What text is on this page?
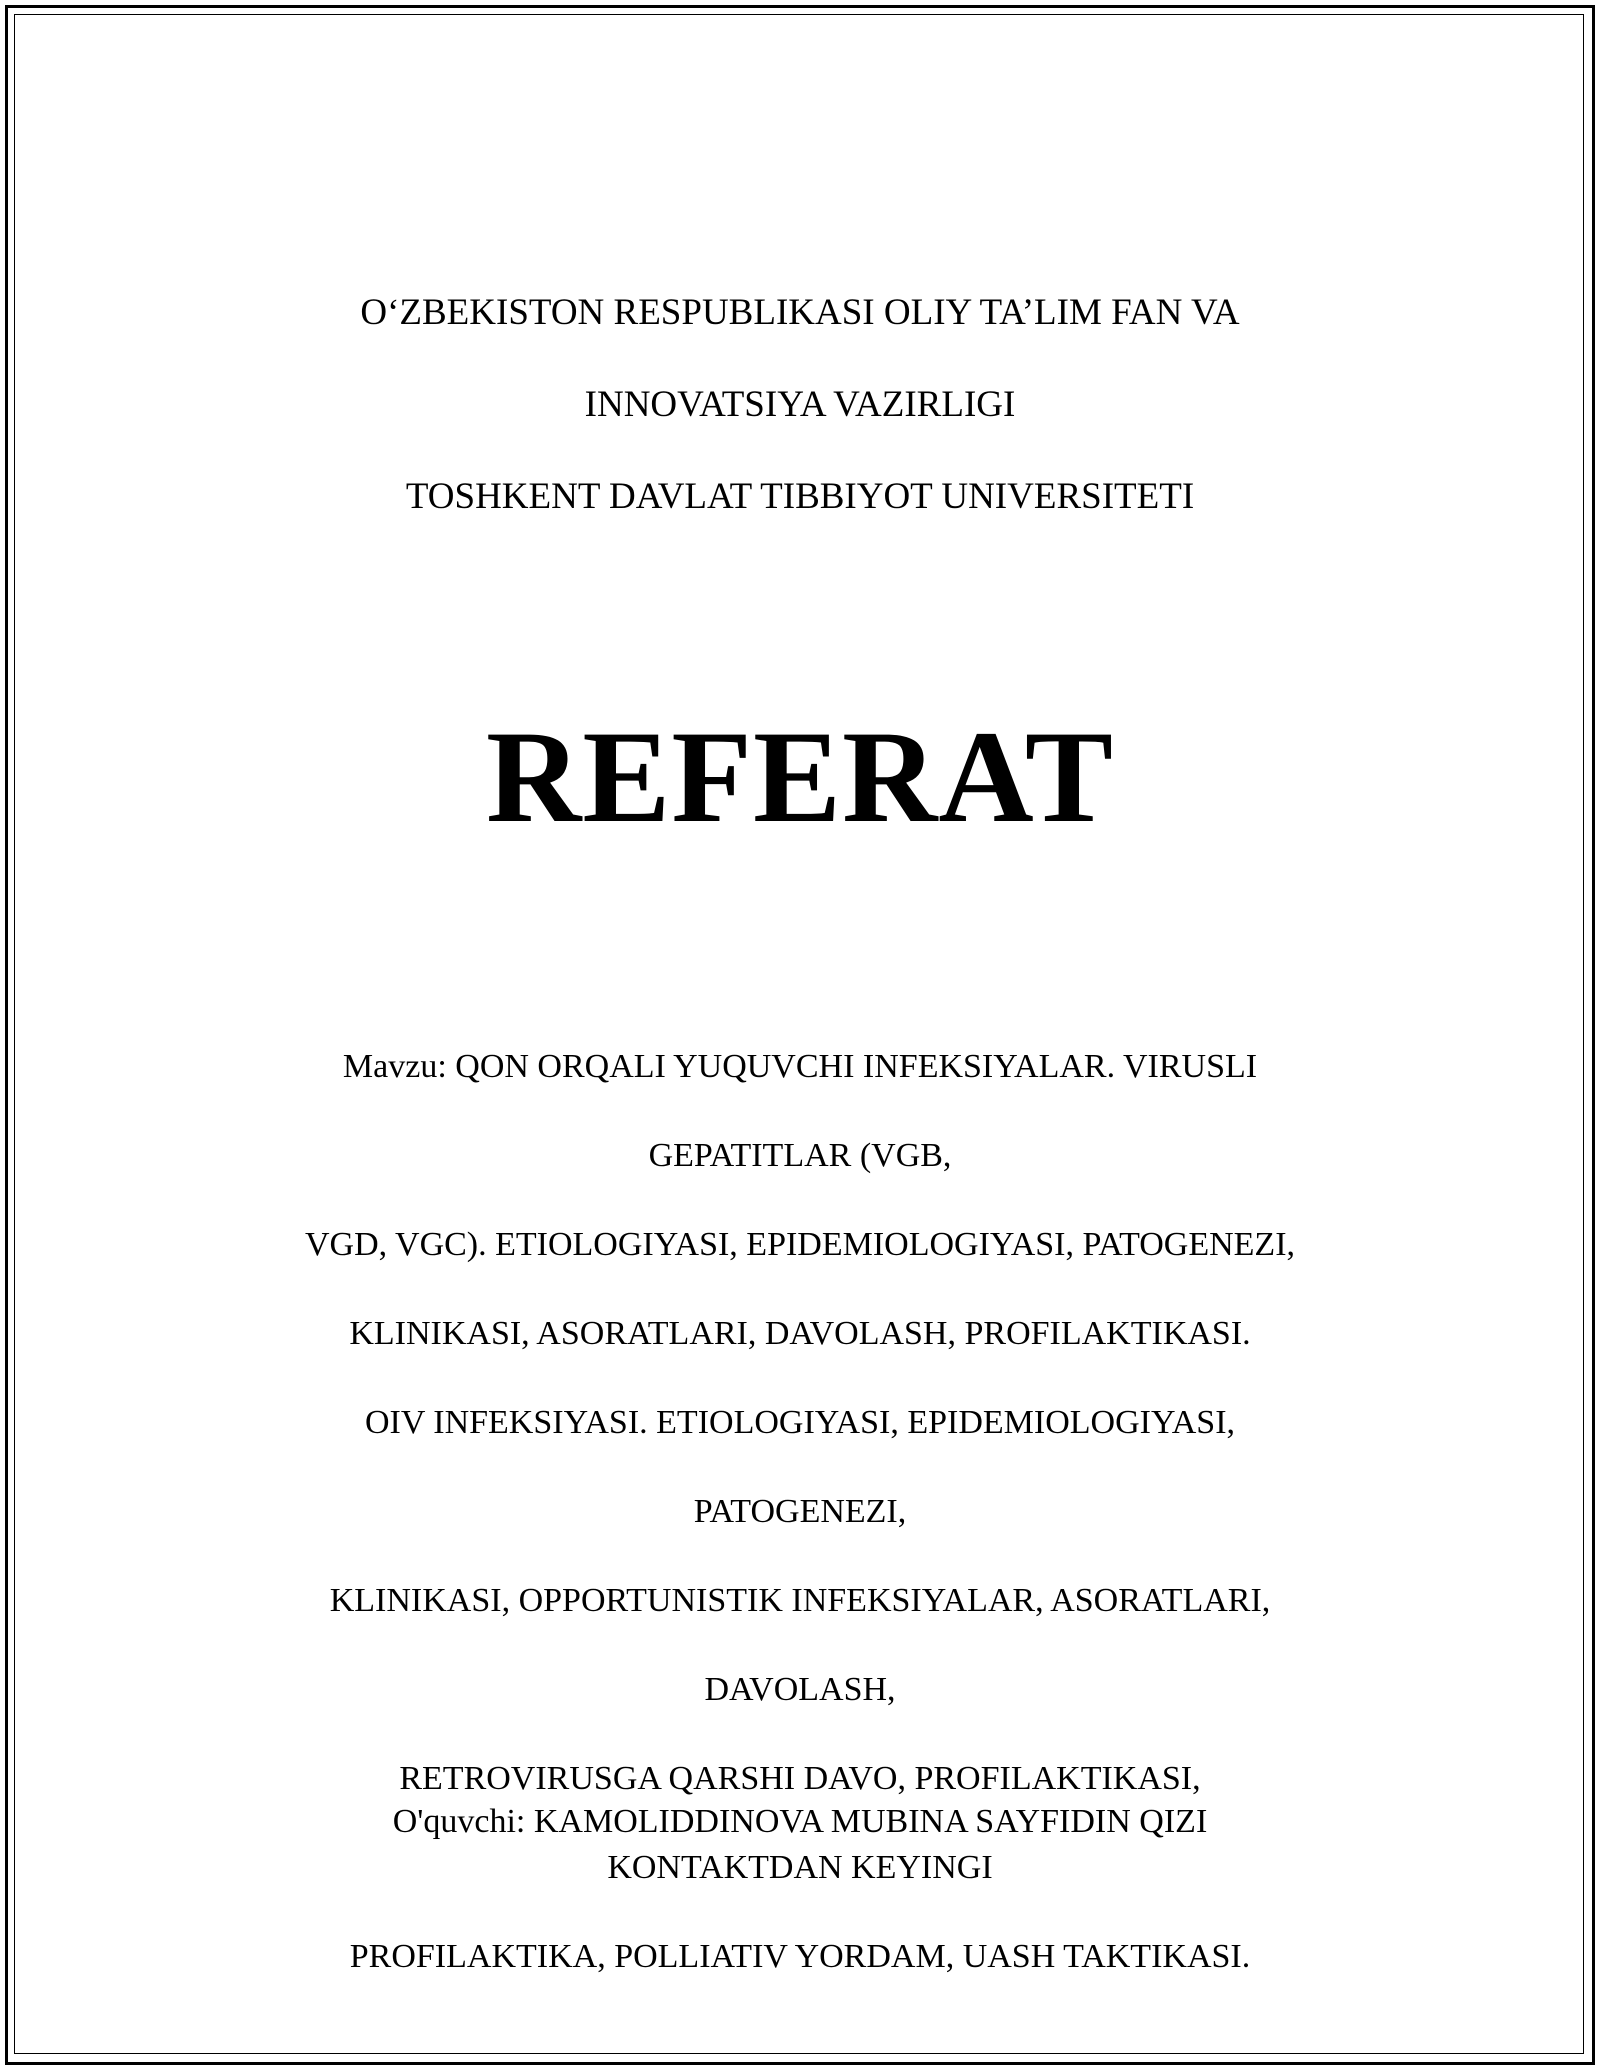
O‘ZBEKISTON RESPUBLIKASI OLIY TA’LIM FAN VA

INNOVATSIYA VAZIRLIGI

TOSHKENT DAVLAT TIBBIYOT UNIVERSITETI

REFERAT

Mavzu: QON ORQALI YUQUVCHI INFEKSIYALAR. VIRUSLI

GEPATITLAR (VGB,

VGD, VGC). ETIOLOGIYASI, EPIDEMIOLOGIYASI, PATOGENEZI,

KLINIKASI, ASORATLARI, DAVOLASH, PROFILAKTIKASI.

OIV INFEKSIYASI. ETIOLOGIYASI, EPIDEMIOLOGIYASI,

PATOGENEZI,

KLINIKASI, OPPORTUNISTIK INFEKSIYALAR, ASORATLARI,

DAVOLASH,

RETROVIRUSGA QARSHI DAVO, PROFILAKTIKASI,

KONTAKTDAN KEYINGI

PROFILAKTIKA, POLLIATIV YORDAM, UASH TAKTIKASI.

O'quvchi: KAMOLIDDINOVA MUBINA SAYFIDIN QIZI
